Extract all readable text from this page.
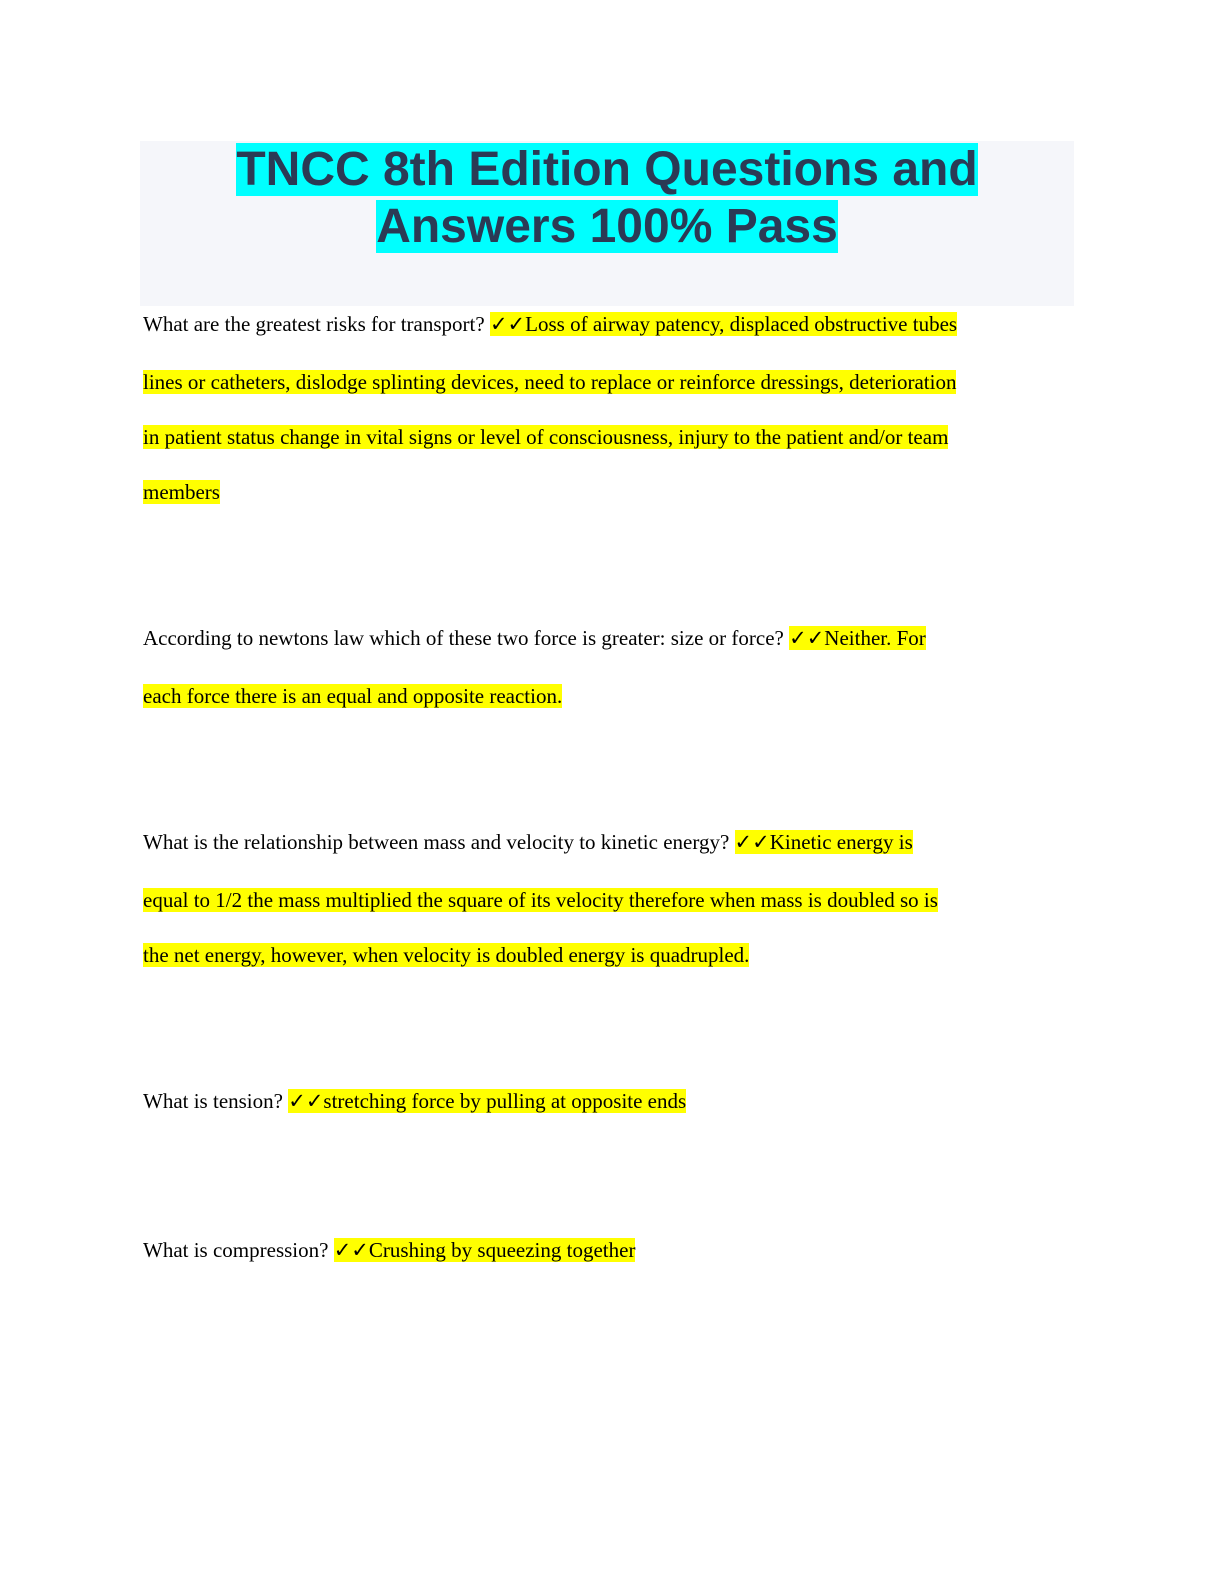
TNCC 8th Edition Questions and
Answers 100% Pass
What are the greatest risks for transport? ✓✓Loss of airway patency, displaced obstructive tubes
lines or catheters, dislodge splinting devices, need to replace or reinforce dressings, deterioration
in patient status change in vital signs or level of consciousness, injury to the patient and/or team
members
According to newtons law which of these two force is greater: size or force? ✓✓Neither. For
each force there is an equal and opposite reaction.
What is the relationship between mass and velocity to kinetic energy? ✓✓Kinetic energy is
equal to 1/2 the mass multiplied the square of its velocity therefore when mass is doubled so is
the net energy, however, when velocity is doubled energy is quadrupled.
What is tension? ✓✓stretching force by pulling at opposite ends
What is compression? ✓✓Crushing by squeezing together
